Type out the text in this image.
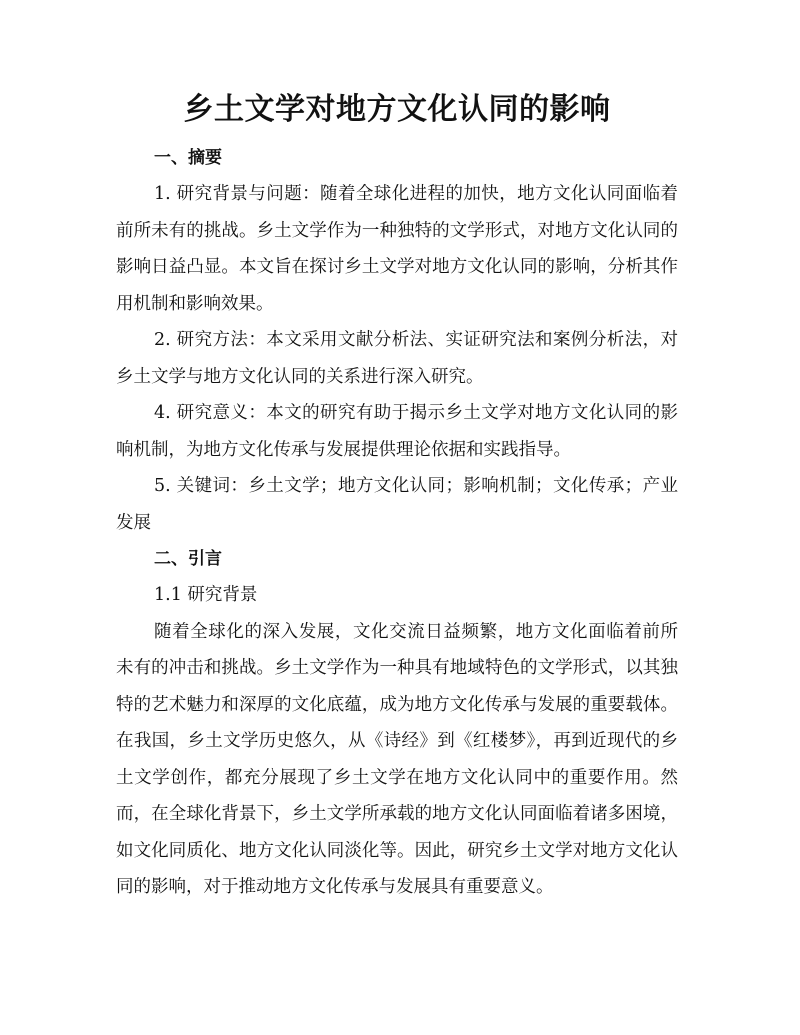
乡土文学对地方文化认同的影响
一、摘要

1. 研究背景与问题：随着全球化进程的加快，地方文化认同面临着前所未有的挑战。乡土文学作为一种独特的文学形式，对地方文化认同的影响日益凸显。本文旨在探讨乡土文学对地方文化认同的影响，分析其作用机制和影响效果。

2. 研究方法：本文采用文献分析法、实证研究法和案例分析法，对乡土文学与地方文化认同的关系进行深入研究。

4. 研究意义：本文的研究有助于揭示乡土文学对地方文化认同的影响机制，为地方文化传承与发展提供理论依据和实践指导。

5. 关键词：乡土文学；地方文化认同；影响机制；文化传承；产业发展

二、引言

1.1 研究背景

随着全球化的深入发展，文化交流日益频繁，地方文化面临着前所未有的冲击和挑战。乡土文学作为一种具有地域特色的文学形式，以其独特的艺术魅力和深厚的文化底蕴，成为地方文化传承与发展的重要载体。在我国，乡土文学历史悠久，从《诗经》到《红楼梦》，再到近现代的乡土文学创作，都充分展现了乡土文学在地方文化认同中的重要作用。然而，在全球化背景下，乡土文学所承载的地方文化认同面临着诸多困境，如文化同质化、地方文化认同淡化等。因此，研究乡土文学对地方文化认同的影响，对于推动地方文化传承与发展具有重要意义。
